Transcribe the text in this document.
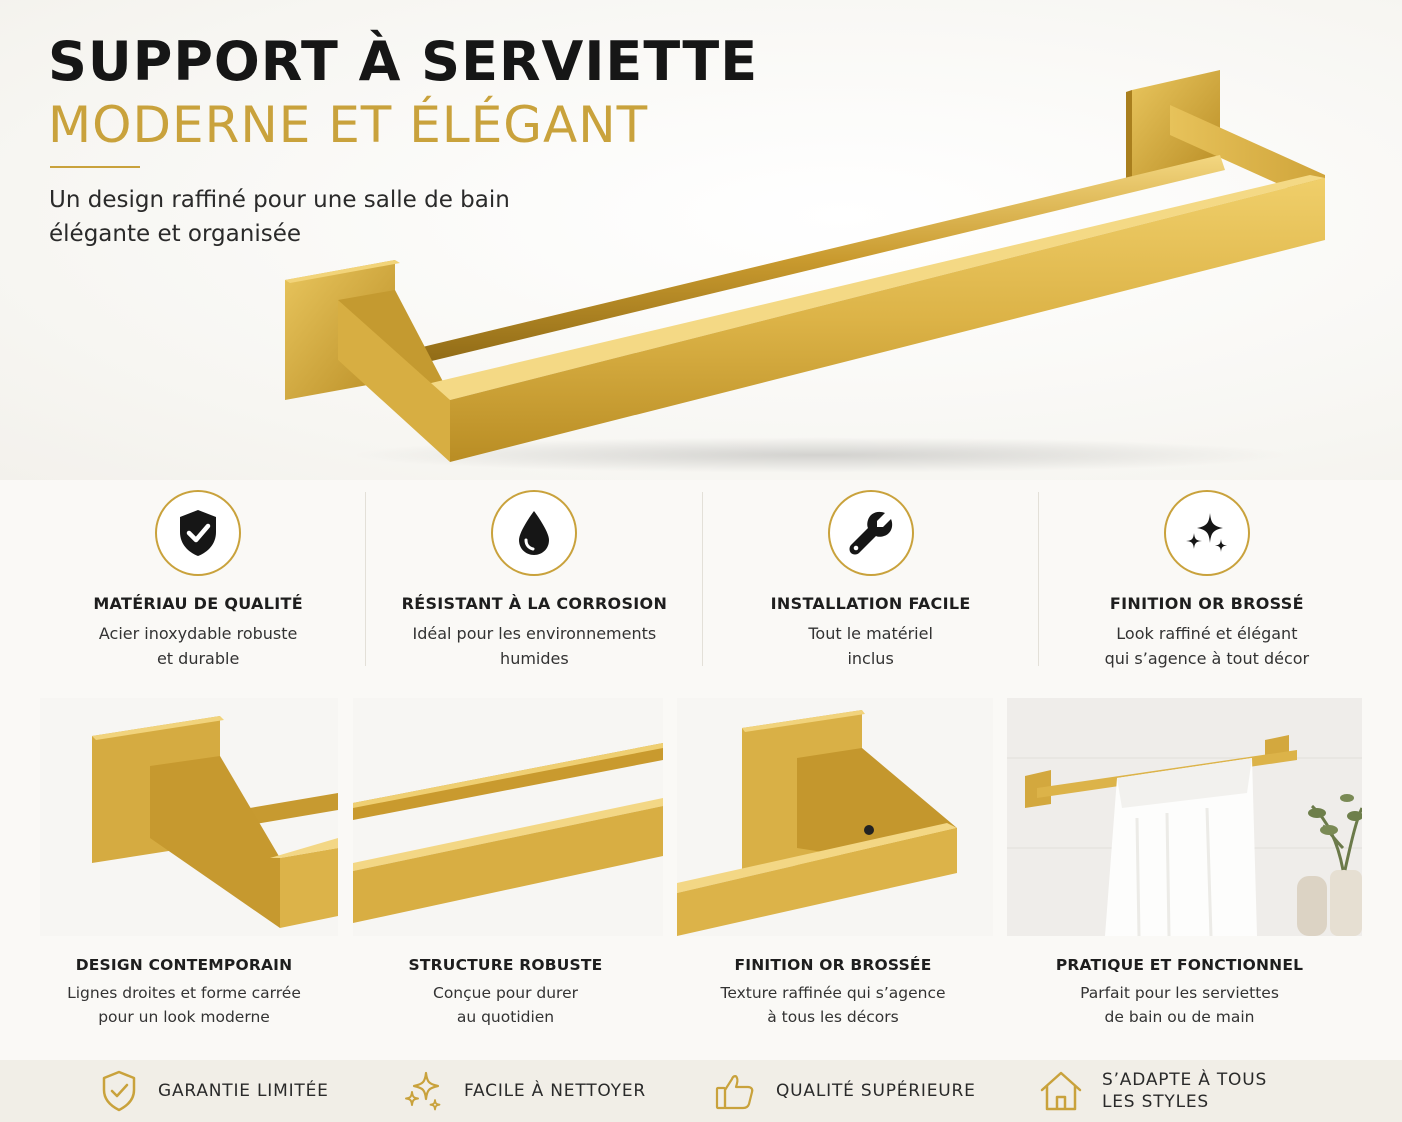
SUPPORT À SERVIETTE
MODERNE ET ÉLÉGANT

Un design raffiné pour une salle de bain
élégante et organisée

MATÉRIAU DE QUALITÉ
Acier inoxydable robuste
et durable
RÉSISTANT À LA CORROSION
Idéal pour les environnements
humides
INSTALLATION FACILE
Tout le matériel
inclus
FINITION OR BROSSÉ
Look raffiné et élégant
qui s’agence à tout décor
DESIGN CONTEMPORAIN
Lignes droites et forme carrée
pour un look moderne
STRUCTURE ROBUSTE
Conçue pour durer
au quotidien
FINITION OR BROSSÉE
Texture raffinée qui s’agence
à tous les décors
PRATIQUE ET FONCTIONNEL
Parfait pour les serviettes
de bain ou de main
GARANTIE LIMITÉE	FACILE À NETTOYER	QUALITÉ SUPÉRIEURE
S’ADAPTE À TOUS
LES STYLES
